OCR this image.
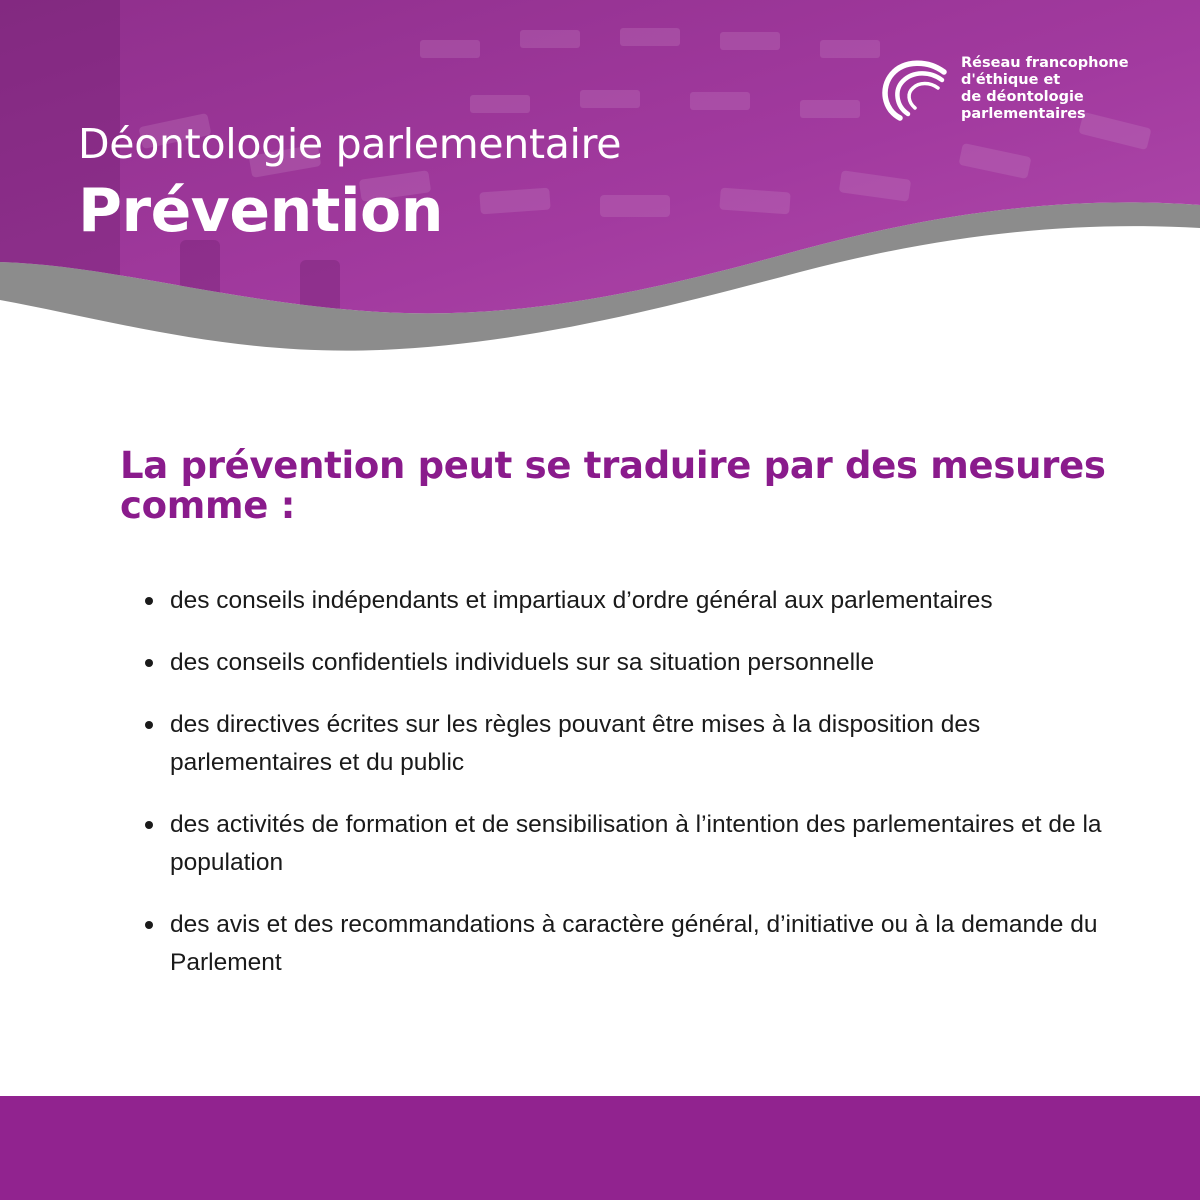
Réseau francophone
d'éthique et
de déontologie
parlementaires
Déontologie parlementaire
Prévention
La prévention peut se traduire par des mesures comme :
des conseils indépendants et impartiaux d’ordre général aux parlementaires
des conseils confidentiels individuels sur sa situation personnelle
des directives écrites sur les règles pouvant être mises à la disposition des parlementaires et du public
des activités de formation et de sensibilisation à l’intention des parlementaires et de la population
des avis et des recommandations à caractère général, d’initiative ou à la demande du Parlement
